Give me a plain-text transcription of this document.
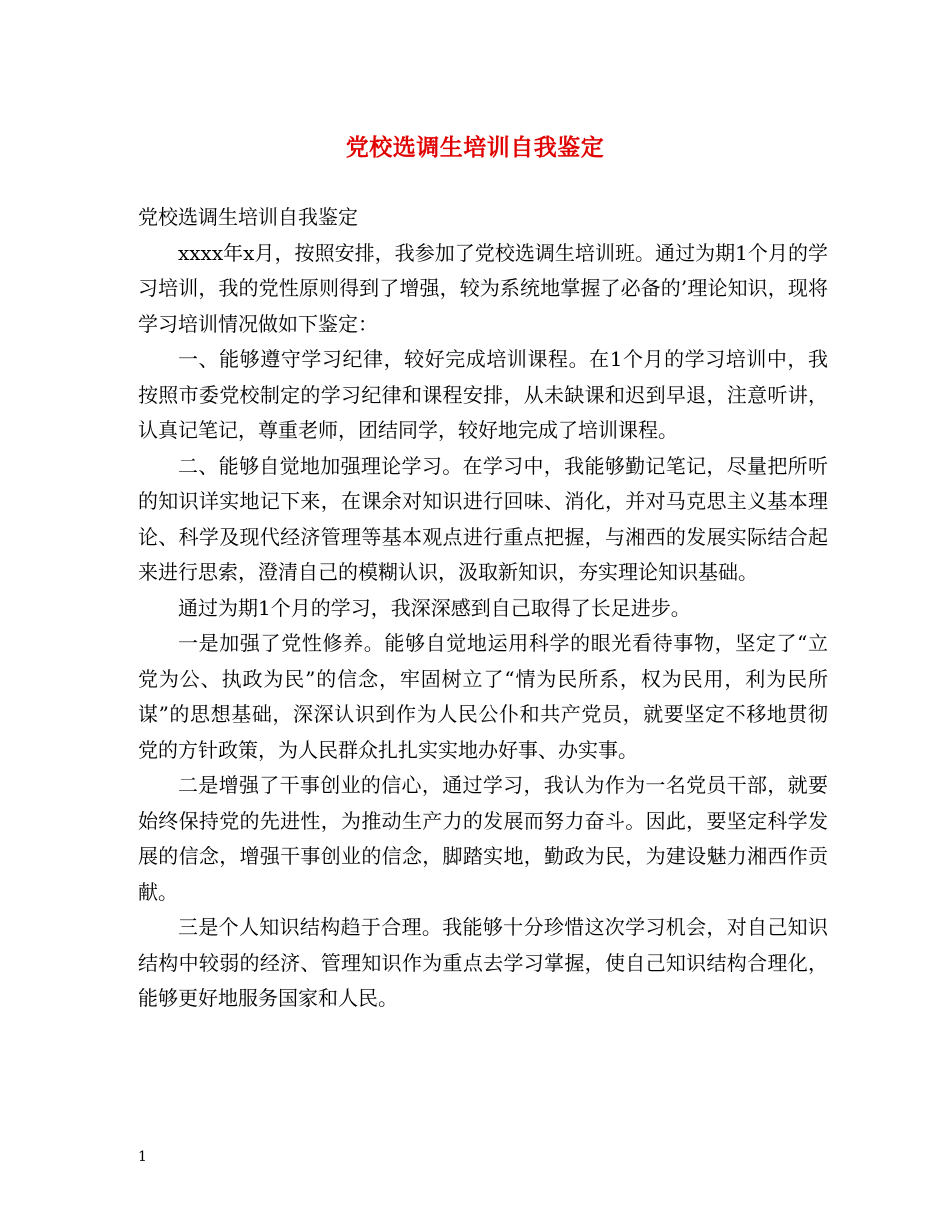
党校选调生培训自我鉴定

党校选调生培训自我鉴定

xxxx年x月，按照安排，我参加了党校选调生培训班。通过为期1个月的学习培训，我的党性原则得到了增强，较为系统地掌握了必备的’理论知识，现将学习培训情况做如下鉴定：

一、能够遵守学习纪律，较好完成培训课程。在1个月的学习培训中，我按照市委党校制定的学习纪律和课程安排，从未缺课和迟到早退，注意听讲，认真记笔记，尊重老师，团结同学，较好地完成了培训课程。

二、能够自觉地加强理论学习。在学习中，我能够勤记笔记，尽量把所听的知识详实地记下来，在课余对知识进行回味、消化，并对马克思主义基本理论、科学及现代经济管理等基本观点进行重点把握，与湘西的发展实际结合起来进行思索，澄清自己的模糊认识，汲取新知识，夯实理论知识基础。

通过为期1个月的学习，我深深感到自己取得了长足进步。

一是加强了党性修养。能够自觉地运用科学的眼光看待事物，坚定了“立党为公、执政为民”的信念，牢固树立了“情为民所系，权为民用，利为民所谋”的思想基础，深深认识到作为人民公仆和共产党员，就要坚定不移地贯彻党的方针政策，为人民群众扎扎实实地办好事、办实事。

二是增强了干事创业的信心，通过学习，我认为作为一名党员干部，就要始终保持党的先进性，为推动生产力的发展而努力奋斗。因此，要坚定科学发展的信念，增强干事创业的信念，脚踏实地，勤政为民，为建设魅力湘西作贡献。

三是个人知识结构趋于合理。我能够十分珍惜这次学习机会，对自己知识结构中较弱的经济、管理知识作为重点去学习掌握，使自己知识结构合理化，能够更好地服务国家和人民。

1
